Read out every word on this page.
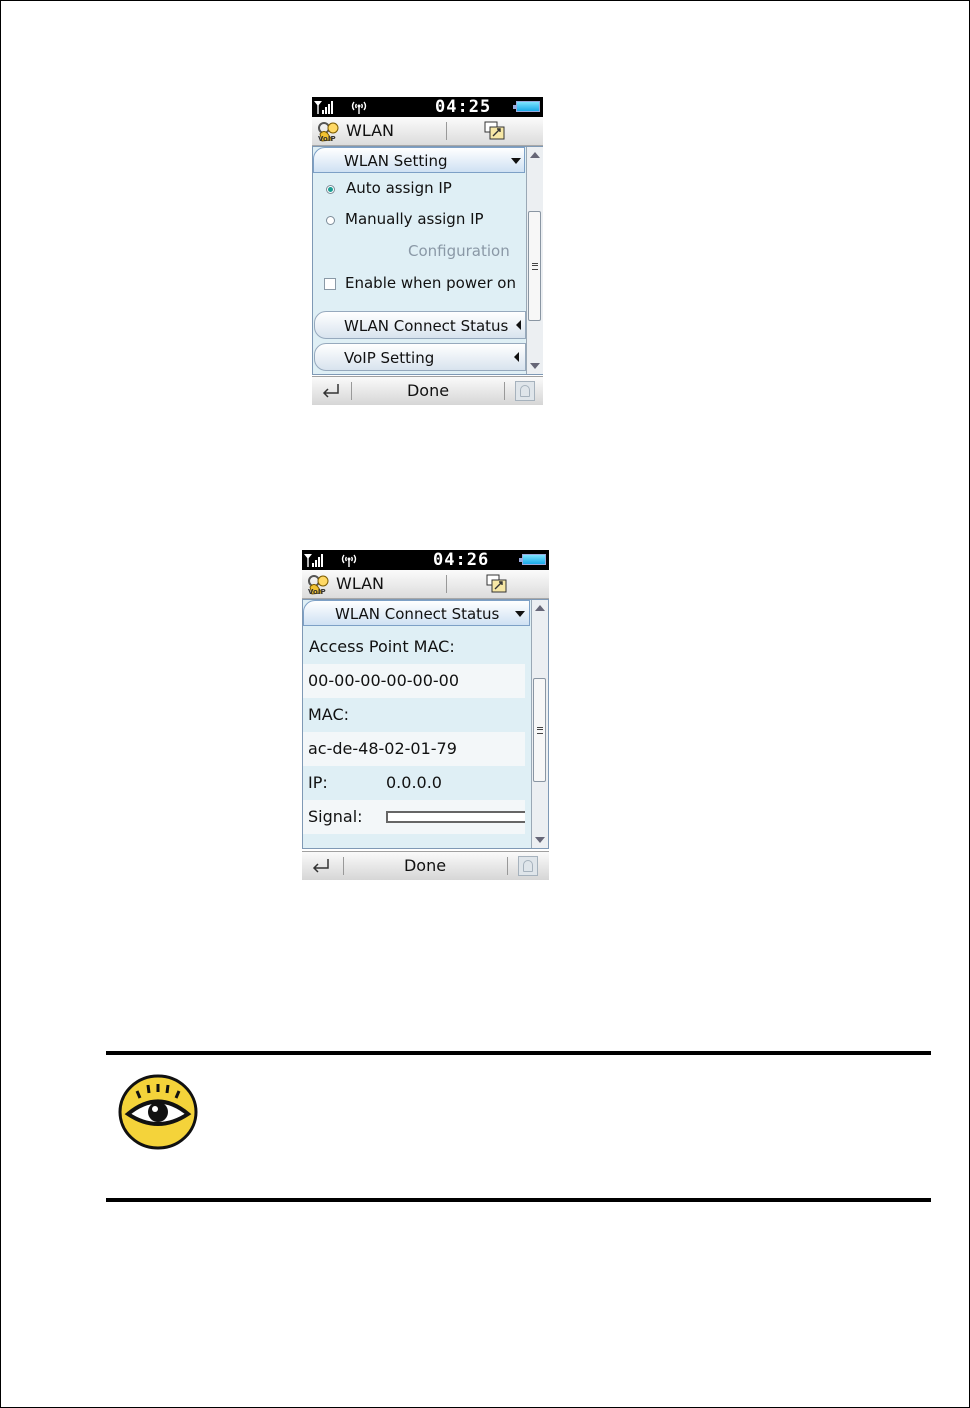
04:25
VoIP WLAN
WLAN Setting
Auto assign IP
Manually assign IP
Configuration
Enable when power on
WLAN Connect Status
VoIP Setting
Done
04:26
VoIP WLAN
WLAN Connect Status
Access Point MAC:
00-00-00-00-00-00
MAC:
ac-de-48-02-01-79
IP:	0.0.0.0
Signal:
Done
